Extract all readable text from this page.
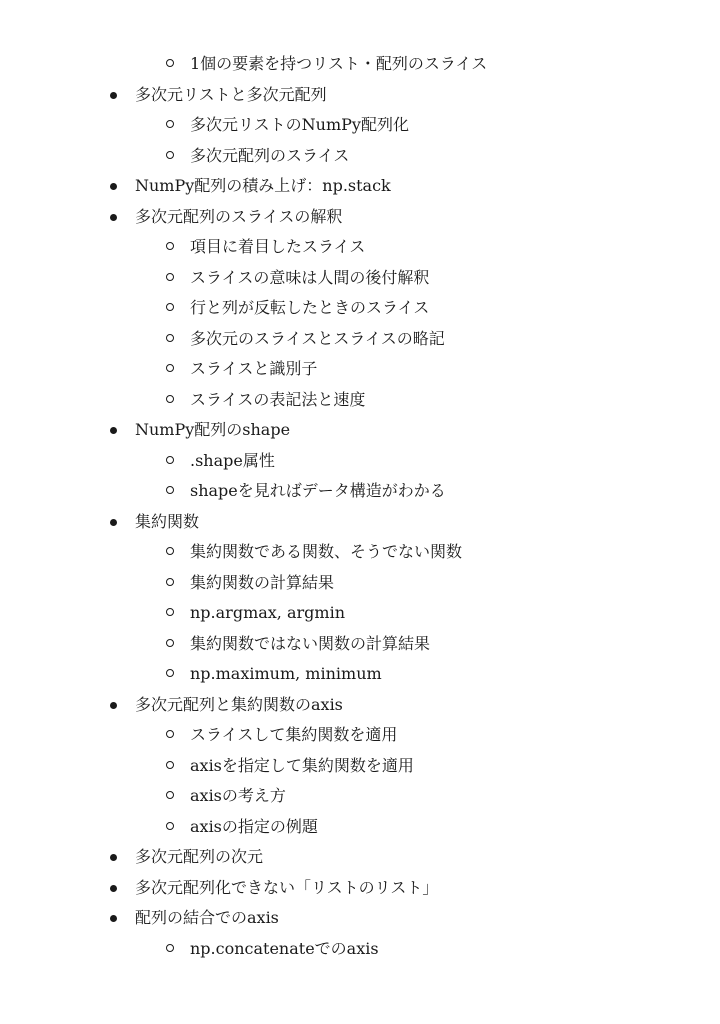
1個の要素を持つリスト・配列のスライス
多次元リストと多次元配列
多次元リストのNumPy配列化
多次元配列のスライス
NumPy配列の積み上げ：np.stack
多次元配列のスライスの解釈
項目に着目したスライス
スライスの意味は人間の後付解釈
行と列が反転したときのスライス
多次元のスライスとスライスの略記
スライスと識別子
スライスの表記法と速度
NumPy配列のshape
.shape属性
shapeを見ればデータ構造がわかる
集約関数
集約関数である関数、そうでない関数
集約関数の計算結果
np.argmax, argmin
集約関数ではない関数の計算結果
np.maximum, minimum
多次元配列と集約関数のaxis
スライスして集約関数を適用
axisを指定して集約関数を適用
axisの考え方
axisの指定の例題
多次元配列の次元
多次元配列化できない「リストのリスト」
配列の結合でのaxis
np.concatenateでのaxis
